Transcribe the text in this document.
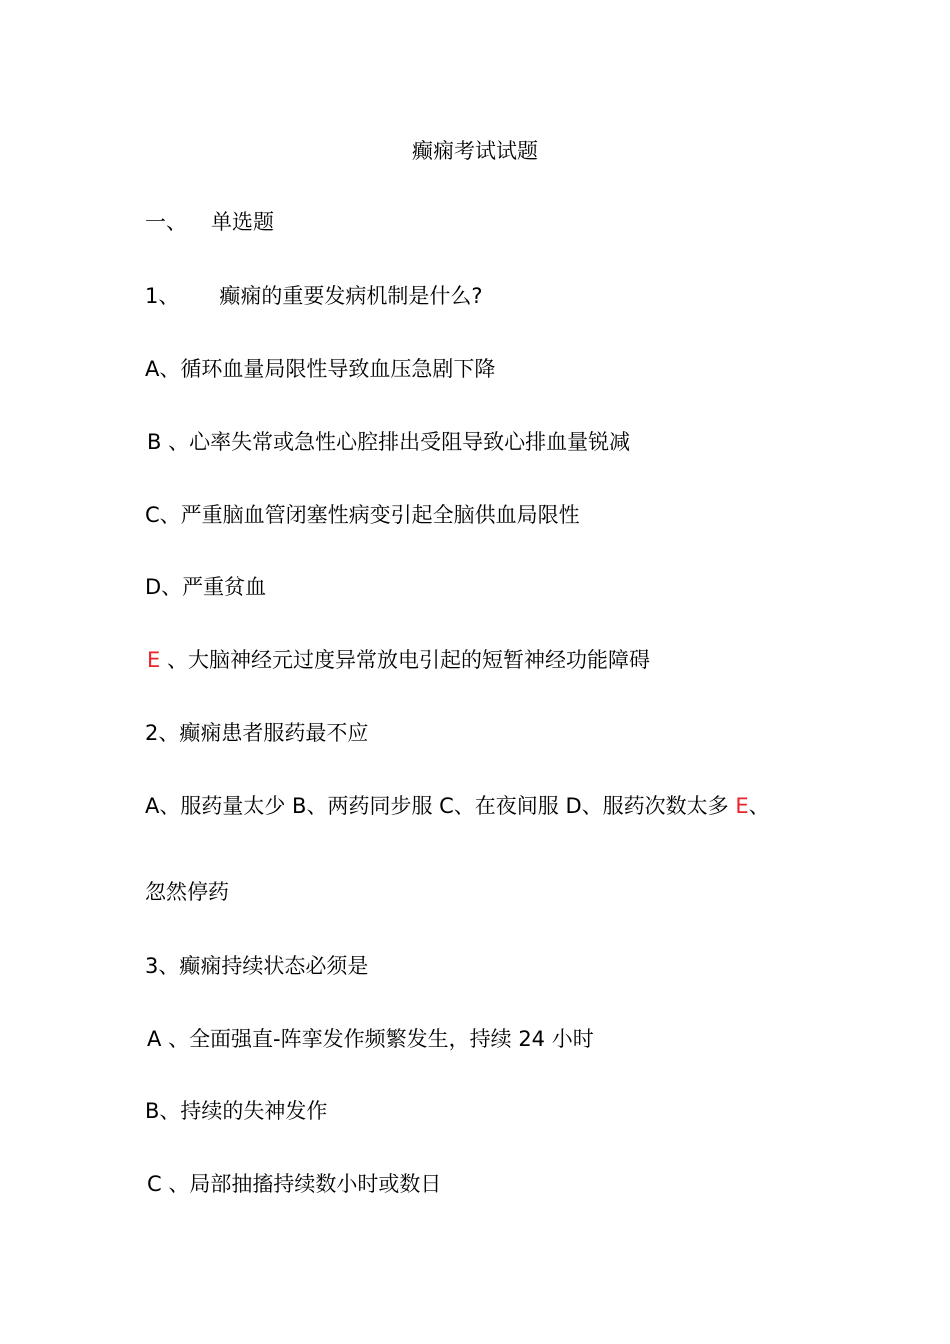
癫痫考试试题
一、 单选题
1、 癫痫的重要发病机制是什么?
A、循环血量局限性导致血压急剧下降
B 、心率失常或急性心腔排出受阻导致心排血量锐减
C、严重脑血管闭塞性病变引起全脑供血局限性
D、严重贫血
E 、大脑神经元过度异常放电引起的短暂神经功能障碍
2、癫痫患者服药最不应
A、服药量太少 B、两药同步服 C、在夜间服 D、服药次数太多 E、
忽然停药
3、癫痫持续状态必须是
A 、全面强直-阵挛发作频繁发生，持续 24 小时
B、持续的失神发作
C 、局部抽搐持续数小时或数日
